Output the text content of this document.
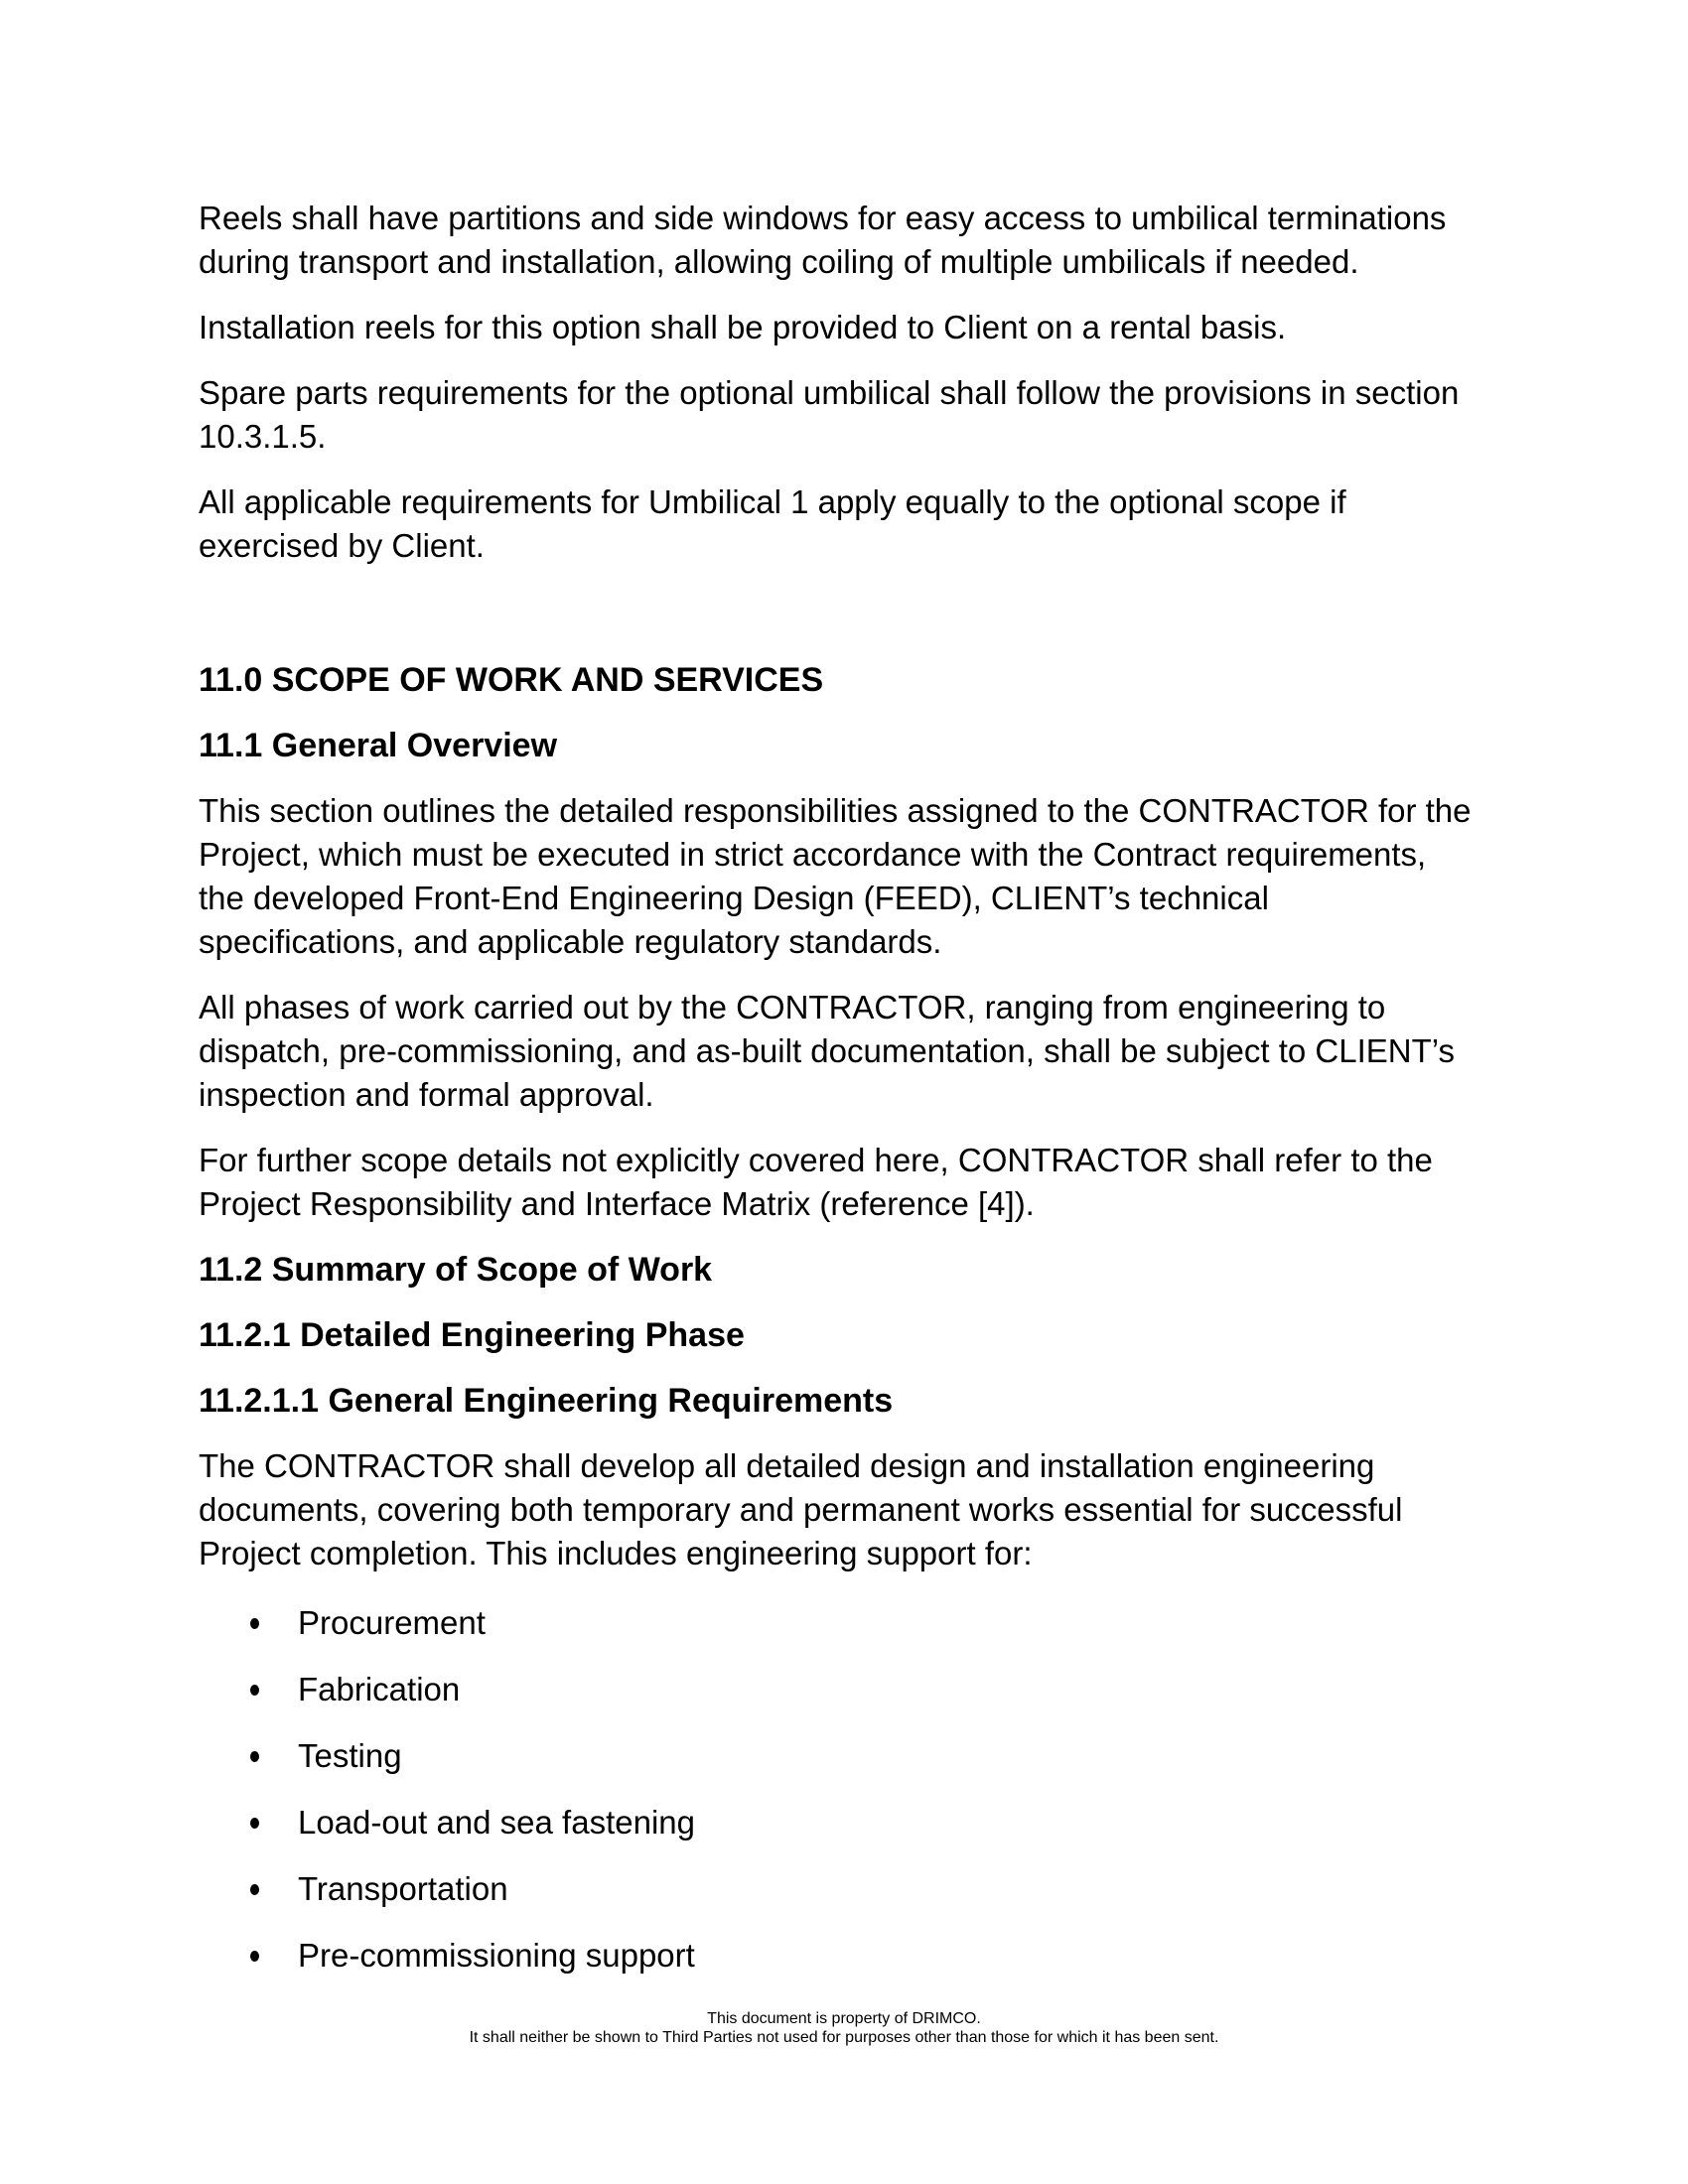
Reels shall have partitions and side windows for easy access to umbilical terminations
during transport and installation, allowing coiling of multiple umbilicals if needed.

Installation reels for this option shall be provided to Client on a rental basis.

Spare parts requirements for the optional umbilical shall follow the provisions in section
10.3.1.5.

All applicable requirements for Umbilical 1 apply equally to the optional scope if
exercised by Client.

11.0 SCOPE OF WORK AND SERVICES
11.1 General Overview

This section outlines the detailed responsibilities assigned to the CONTRACTOR for the
Project, which must be executed in strict accordance with the Contract requirements,
the developed Front-End Engineering Design (FEED), CLIENT’s technical
specifications, and applicable regulatory standards.

All phases of work carried out by the CONTRACTOR, ranging from engineering to
dispatch, pre-commissioning, and as-built documentation, shall be subject to CLIENT’s
inspection and formal approval.

For further scope details not explicitly covered here, CONTRACTOR shall refer to the
Project Responsibility and Interface Matrix (reference [4]).

11.2 Summary of Scope of Work
11.2.1 Detailed Engineering Phase
11.2.1.1 General Engineering Requirements

The CONTRACTOR shall develop all detailed design and installation engineering
documents, covering both temporary and permanent works essential for successful
Project completion. This includes engineering support for:

Procurement
Fabrication
Testing
Load-out and sea fastening
Transportation
Pre-commissioning support
This document is property of DRIMCO.
It shall neither be shown to Third Parties not used for purposes other than those for which it has been sent.
